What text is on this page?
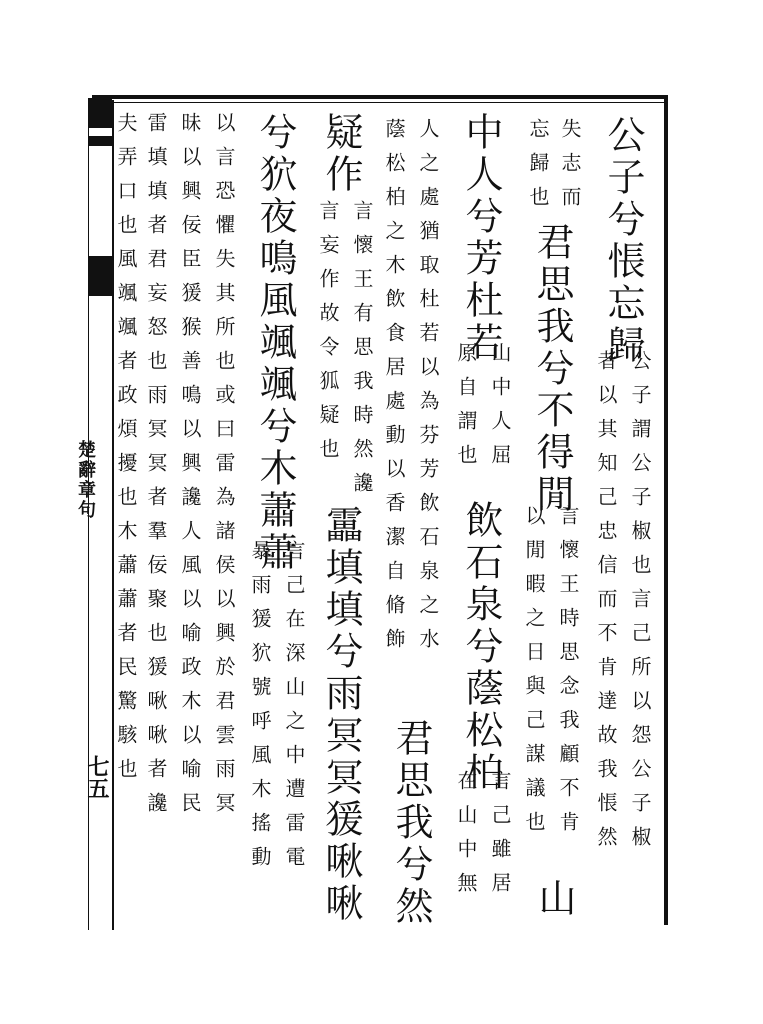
楚辭章句
七五
公子兮悵忘歸
公子謂公子椒也言己所以怨公子椒
者以其知己忠信而不肯達故我悵然
失志而
忘歸也
君思我兮不得閒
言懷王時思念我顧不肯
以閒暇之日與己謀議也
山
中人兮芳杜若
山中人屈
原自謂也
飲石泉兮蔭松柏
言己雖居
在山中無
人之處猶取杜若以為芬芳飲石泉之水
蔭松柏之木飲食居處動以香潔自脩飾
君思我兮然
疑作
言懷王有思我時然讒
言妄作故令狐疑也
靁填填兮雨冥冥猨啾啾
兮狖夜鳴風颯颯兮木蕭蕭
言己在深山之中遭雷電
暴雨猨狖號呼風木搖動
以言恐懼失其所也或曰雷為諸侯以興於君雲雨冥
昧以興佞臣猨猴善鳴以興讒人風以喻政木以喻民
雷填填者君妄怒也雨冥冥者羣佞聚也猨啾啾者讒
夫弄口也風颯颯者政煩擾也木蕭蕭者民驚駭也
